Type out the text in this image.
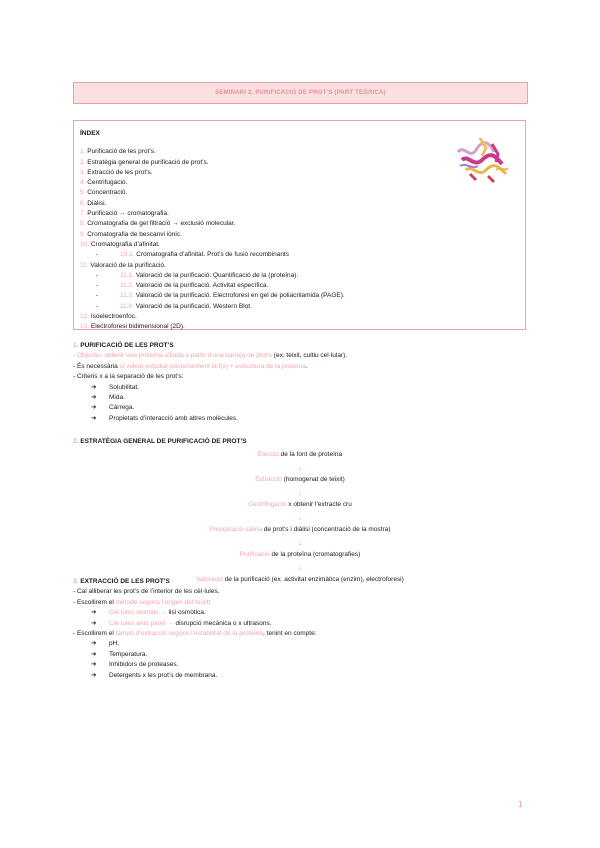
SEMINARI 2. PURIFICACIÓ DE PROT’S (PART TEÒRICA)
ÍNDEX
1. Purificació de les prot’s.
2. Estratègia general de purificació de prot’s.
3. Extracció de les prot’s.
4. Centrifugació.
5. Concentració.
6. Diàlisi.
7. Purificació → cromatografia.
8. Cromatografia de gel filtració → exclusió molecular.
9. Cromatografia de bescanvi iònic.
10. Cromatografia d’afinitat.
-	10.1. Cromatografia d’afinitat. Prot’s de fusió recombinants
11. Valoració de la purificació.
-	11.1. Valoració de la purificació. Quantificació de la (proteïna).
-	11.2. Valoració de la purificació. Activitat específica.
-	11.3. Valoració de la purificació. Electroforesi en gel de poliacrilamida (PAGE).
-	11.4. Valoració de la purificació. Western Blot.
12. Isoelectroenfoc.
13. Electroforesi bidimensional (2D).
1. PURIFICACIÓ DE LES PROT’S
- Objectiu: obtenir una proteïna aïllada a partir d’una barreja de prot’s (ex. teixit, cultiu cel·lular).
- És necessària si volem estudiar posteriorment la f(x) + estructura de la proteïna.
- Criteris x a la separació de les prot’s:
➔ Solubilitat.
➔ Mida.
➔ Càrrega.
➔ Propietats d’interacció amb altres molècules.
2. ESTRATÈGIA GENERAL DE PURIFICACIÓ DE PROT’S
Elecció de la font de proteïna
↓
Extracció (homogenat de teixit)
↓
Centrifugació x obtenir l’extracte cru
↓
Precipitació salina de prot’s i diàlisi (concentració de la mostra)
↓
Purificació de la proteïna (cromatografies)
↓
Valoració de la purificació (ex. activitat enzimàtica (enzim), electroforesi)
3. EXTRACCIÓ DE LES PROT’S
- Cal alliberar les prot’s de l’interior de les cèl·lules.
- Escollirem el mètode segons l’origen del teixit:
➔ Cèl·lules animals → lisi osmòtica.
➔ Cèl·lules amb paret → disrupció mecànica o x ultrasons.
- Escollirem el tampó d’extracció segons l’estabilitat de la proteïna, tenint en compte:
➔ pH.
➔ Temperatura.
➔ Inhibidors de proteases.
➔ Detergents x les prot’s de membrana.
1
